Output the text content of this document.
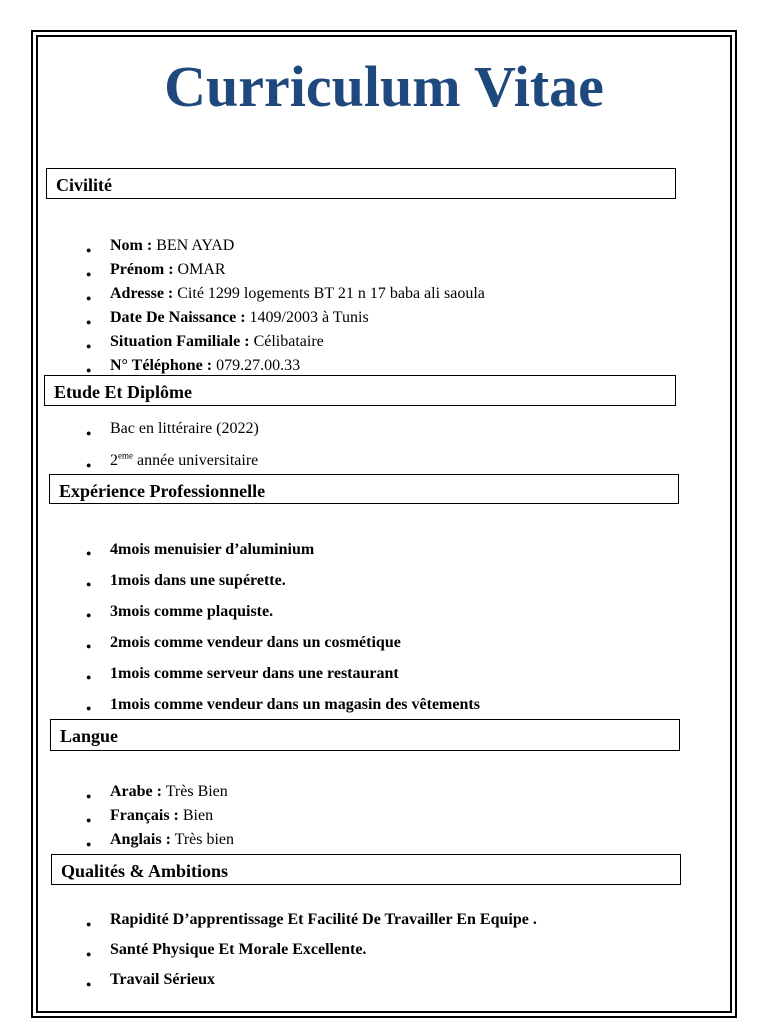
Curriculum Vitae
Civilité
● Nom : BEN AYAD
● Prénom : OMAR
● Adresse : Cité 1299 logements BT 21 n 17 baba ali saoula
● Date De Naissance : 1409/2003 à Tunis
● Situation Familiale : Célibataire
● N° Téléphone : 079.27.00.33
Etude Et Diplôme
● Bac en littéraire (2022)
● 2eme année universitaire
Expérience Professionnelle
● 4mois menuisier d’aluminium
● 1mois dans une supérette.
● 3mois comme plaquiste.
● 2mois comme vendeur dans un cosmétique
● 1mois comme serveur dans une restaurant
● 1mois comme vendeur dans un magasin des vêtements
Langue
● Arabe : Très Bien
● Français : Bien
● Anglais : Très bien
Qualités & Ambitions
● Rapidité D’apprentissage Et Facilité De Travailler En Equipe .
● Santé Physique Et Morale Excellente.
● Travail Sérieux
